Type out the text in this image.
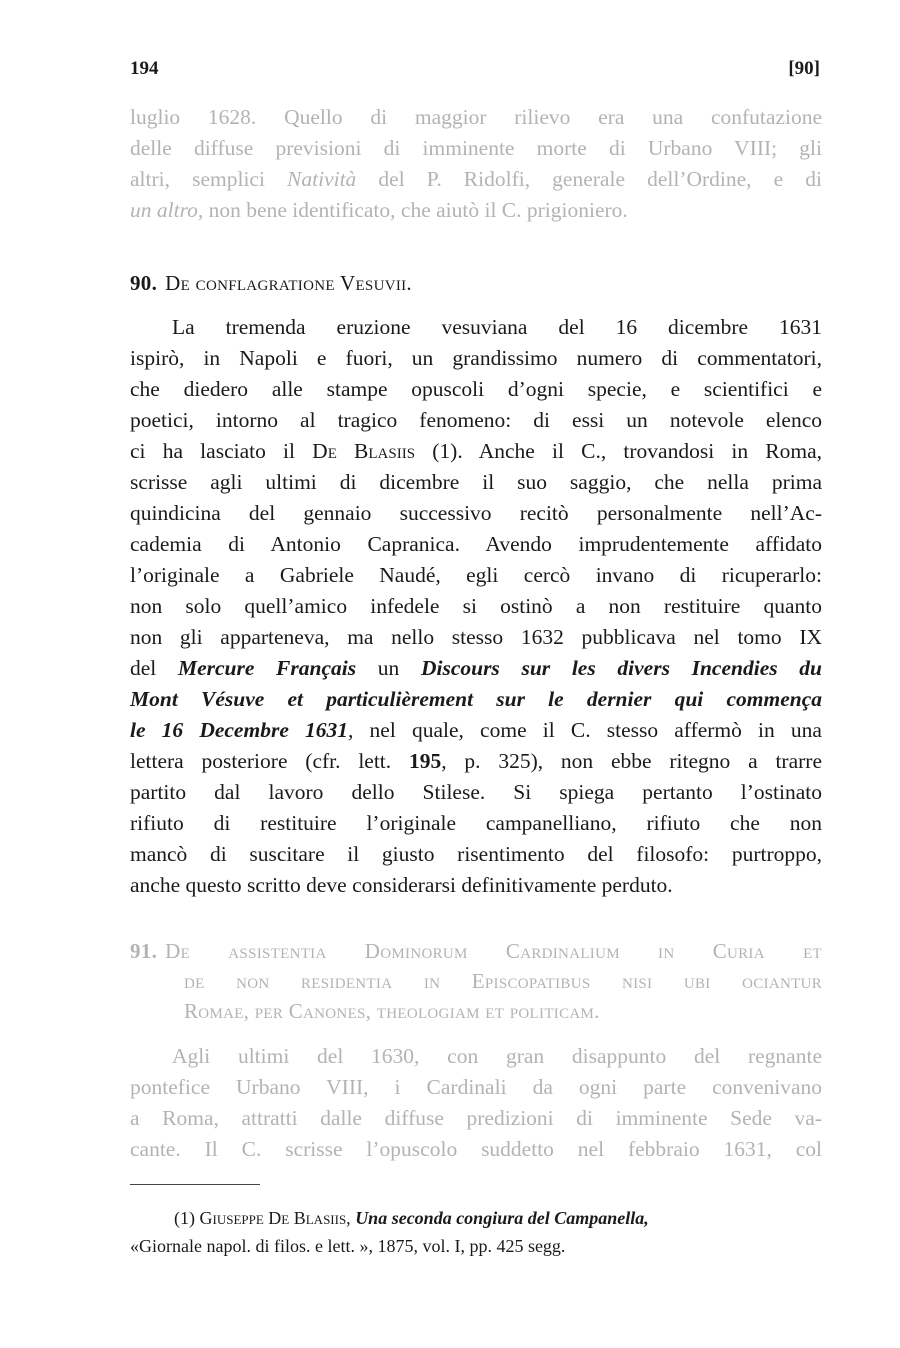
194	[90]
luglio 1628. Quello di maggior rilievo era una confutazione
delle diffuse previsioni di imminente morte di Urbano VIII; gli
altri, semplici Natività del P. Ridolfi, generale dell’Ordine, e di
un altro, non bene identificato, che aiutò il C. prigioniero.
90. De conflagratione Vesuvii.
La tremenda eruzione vesuviana del 16 dicembre 1631
ispirò, in Napoli e fuori, un grandissimo numero di commentatori,
che diedero alle stampe opuscoli d’ogni specie, e scientifici e
poetici, intorno al tragico fenomeno: di essi un notevole elenco
ci ha lasciato il De Blasiis (1). Anche il C., trovandosi in Roma,
scrisse agli ultimi di dicembre il suo saggio, che nella prima
quindicina del gennaio successivo recitò personalmente nell’Ac-
cademia di Antonio Capranica. Avendo imprudentemente affidato
l’originale a Gabriele Naudé, egli cercò invano di ricuperarlo:
non solo quell’amico infedele si ostinò a non restituire quanto
non gli apparteneva, ma nello stesso 1632 pubblicava nel tomo IX
del Mercure Français un Discours sur les divers Incendies du
Mont Vésuve et particulièrement sur le dernier qui commença
le 16 Decembre 1631, nel quale, come il C. stesso affermò in una
lettera posteriore (cfr. lett. 195, p. 325), non ebbe ritegno a trarre
partito dal lavoro dello Stilese. Si spiega pertanto l’ostinato
rifiuto di restituire l’originale campanelliano, rifiuto che non
mancò di suscitare il giusto risentimento del filosofo: purtroppo,
anche questo scritto deve considerarsi definitivamente perduto.
91. De assistentia Dominorum Cardinalium in Curia et
de non residentia in Episcopatibus nisi ubi ociantur
Romae, per Canones, theologiam et politicam.
Agli ultimi del 1630, con gran disappunto del regnante
pontefice Urbano VIII, i Cardinali da ogni parte convenivano
a Roma, attratti dalle diffuse predizioni di imminente Sede va-
cante. Il C. scrisse l’opuscolo suddetto nel febbraio 1631, col
(1) Giuseppe De Blasiis, Una seconda congiura del Campanella,
«Giornale napol. di filos. e lett. », 1875, vol. I, pp. 425 segg.
